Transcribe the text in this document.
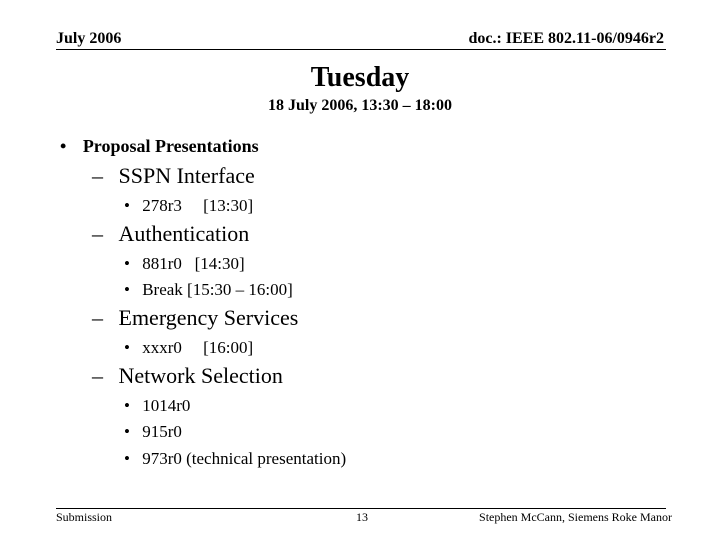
July 2006	doc.: IEEE 802.11-06/0946r2
Tuesday
18 July 2006, 13:30 – 18:00
• Proposal Presentations
– SSPN Interface
• 278r3     [13:30]
– Authentication
• 881r0   [14:30]
• Break [15:30 – 16:00]
– Emergency Services
• xxxr0     [16:00]
– Network Selection
• 1014r0
• 915r0
• 973r0 (technical presentation)
Submission	13	Stephen McCann, Siemens Roke Manor
